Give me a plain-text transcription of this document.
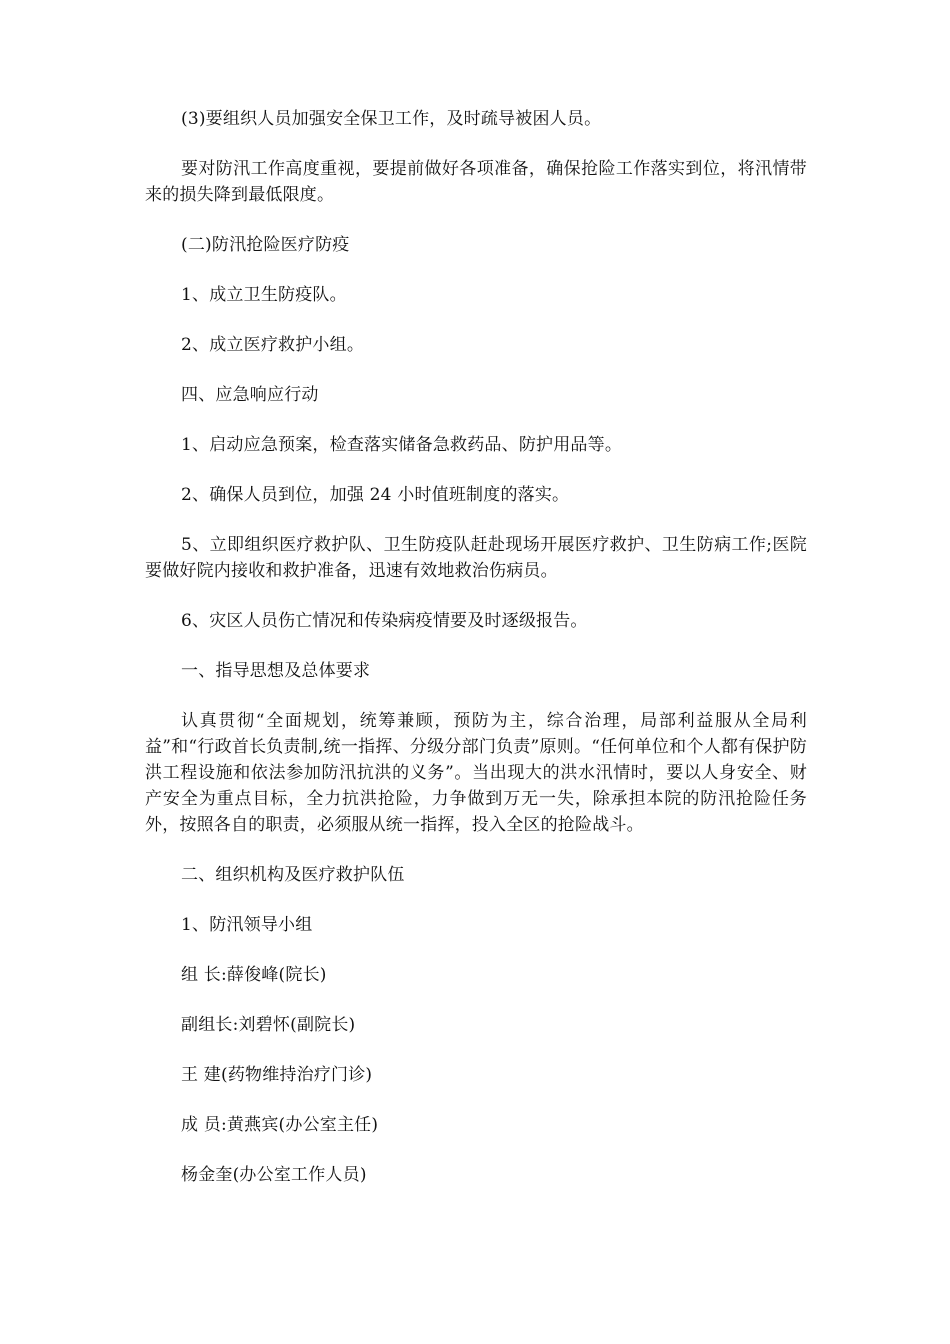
(3)要组织人员加强安全保卫工作，及时疏导被困人员。

要对防汛工作高度重视，要提前做好各项准备，确保抢险工作落实到位，将汛情带来的损失降到最低限度。

(二)防汛抢险医疗防疫

1、成立卫生防疫队。

2、成立医疗救护小组。

四、应急响应行动

1、启动应急预案，检查落实储备急救药品、防护用品等。

2、确保人员到位，加强 24 小时值班制度的落实。

5、立即组织医疗救护队、卫生防疫队赶赴现场开展医疗救护、卫生防病工作;医院要做好院内接收和救护准备，迅速有效地救治伤病员。

6、灾区人员伤亡情况和传染病疫情要及时逐级报告。

一、指导思想及总体要求

认真贯彻“全面规划，统筹兼顾，预防为主，综合治理，局部利益服从全局利益”和“行政首长负责制,统一指挥、分级分部门负责”原则。“任何单位和个人都有保护防洪工程设施和依法参加防汛抗洪的义务”。当出现大的洪水汛情时，要以人身安全、财产安全为重点目标，全力抗洪抢险，力争做到万无一失，除承担本院的防汛抢险任务外，按照各自的职责，必须服从统一指挥，投入全区的抢险战斗。

二、组织机构及医疗救护队伍

1、防汛领导小组

组 长:薛俊峰(院长)

副组长:刘碧怀(副院长)

王 建(药物维持治疗门诊)

成 员:黄燕宾(办公室主任)

杨金奎(办公室工作人员)
